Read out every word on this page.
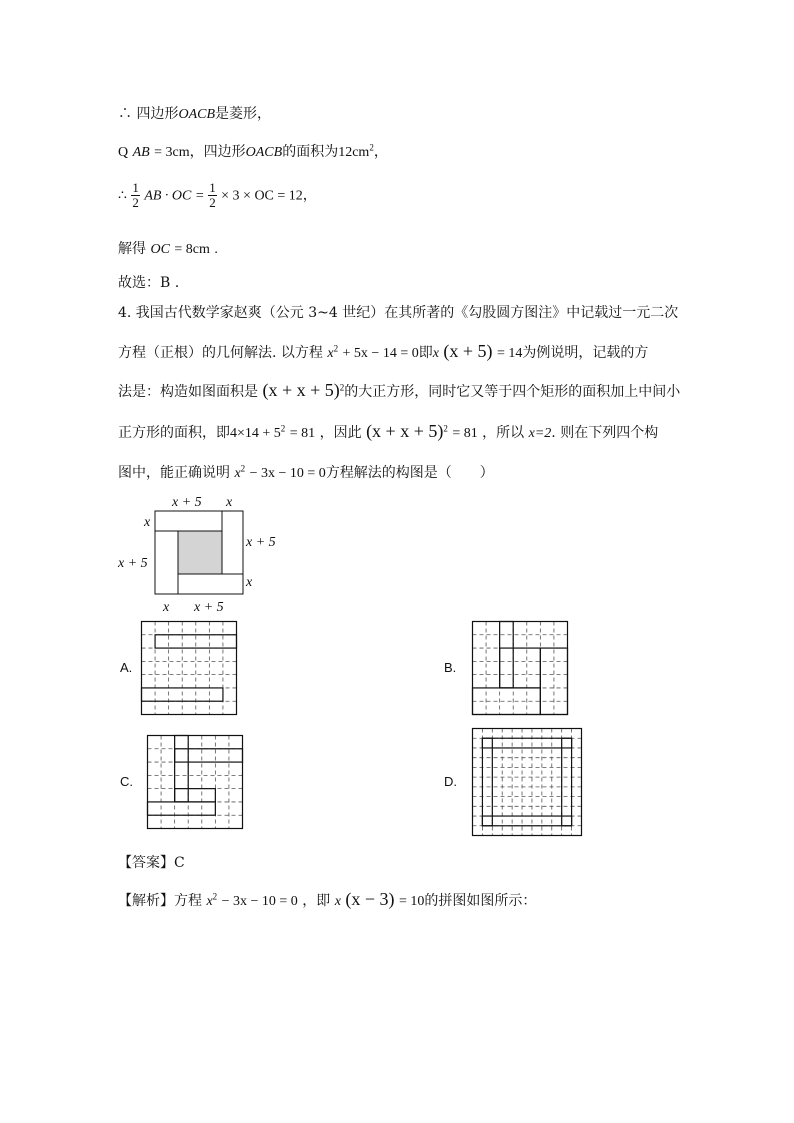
∴ 四边形OACB是菱形，
Q AB = 3cm，四边形OACB的面积为$12cm^2$，
∴ $\frac{1}{2}$ AB · OC = $\frac{1}{2} \times 3$ × OC = 12，
解得 OC = 8cm .
故选：B .
4. 我国古代数学家赵爽（公元 3~4 世纪）在其所著的《勾股圆方图注》中记载过一元二次
方程（正根）的几何解法. 以方程 $x^2 + 5x - 14 = 0$即x (x + 5) = 14为例说明，记载的方
法是：构造如图面积是 $(x + x + 5)^2$的大正方形，同时它又等于四个矩形的面积加上中间小
正方形的面积，即$4\times 14 + 5^2 = 81$ ，因此 $(x + x + 5)^2 = 81$ ，所以 x=2. 则在下列四个构
图中，能正确说明 $x^2 - 3x - 10 = 0$方程解法的构图是（　　）
x + 5 x
x
x + 5
x + 5
x
x x + 5
A.	B.
C.	D.
【答案】C
【解析】方程 $x^2 - 3x - 10 = 0$ ，即 x (x − 3) = 10的拼图如图所示：
